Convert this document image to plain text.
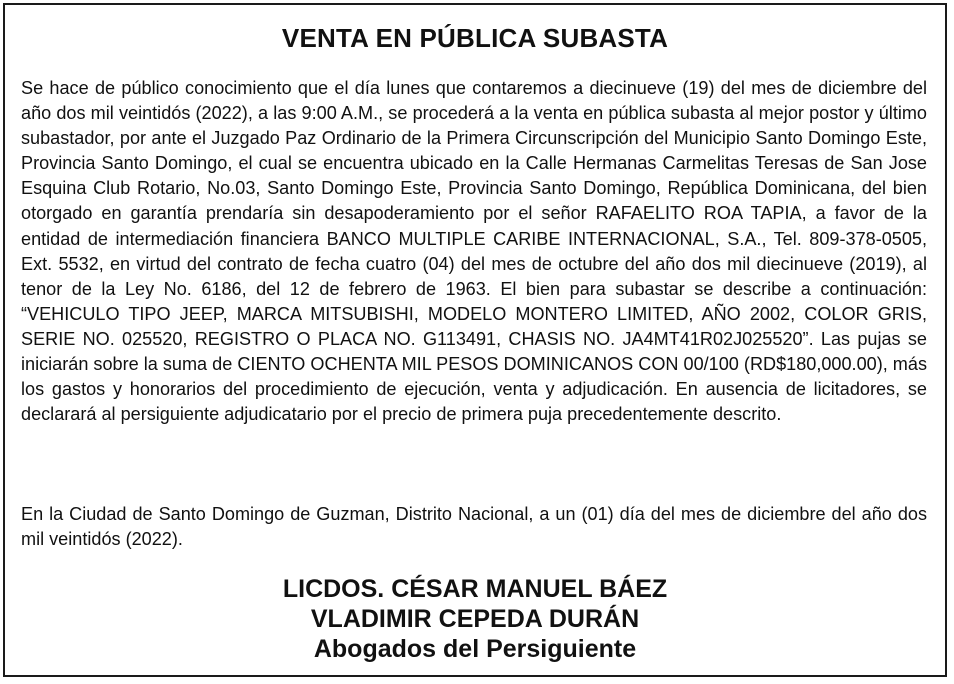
VENTA EN PÚBLICA SUBASTA

Se hace de público conocimiento que el día lunes que contaremos a diecinueve (19) del mes de diciembre del año dos mil veintidós (2022), a las 9:00 A.M., se procederá a la venta en pública subasta al mejor postor y último subastador, por ante el Juzgado Paz Ordinario de la Primera Circunscripción del Municipio Santo Domingo Este, Provincia Santo Domingo, el cual se encuentra ubicado en la Calle Hermanas Carmelitas Teresas de San Jose Esquina Club Rotario, No.03, Santo Domingo Este, Provincia Santo Domingo, República Dominicana, del bien otorgado en garantía prendaría sin desapoderamiento por el señor RAFAELITO ROA TAPIA, a favor de la entidad de intermediación financiera BANCO MULTIPLE CARIBE INTERNACIONAL, S.A., Tel. 809-378-0505, Ext. 5532, en virtud del contrato de fecha cuatro (04) del mes de octubre del año dos mil diecinueve (2019), al tenor de la Ley No. 6186, del 12 de febrero de 1963. El bien para subastar se describe a continuación: “VEHICULO TIPO JEEP, MARCA MITSUBISHI, MODELO MONTERO LIMITED, AÑO 2002, COLOR GRIS, SERIE NO. 025520, REGISTRO O PLACA NO. G113491, CHASIS NO. JA4MT41R02J025520”. Las pujas se iniciarán sobre la suma de CIENTO OCHENTA MIL PESOS DOMINICANOS CON 00/100 (RD$180,000.00), más los gastos y honorarios del procedimiento de ejecución, venta y adjudicación. En ausencia de licitadores, se declarará al persiguiente adjudicatario por el precio de primera puja precedentemente descrito.

En la Ciudad de Santo Domingo de Guzman, Distrito Nacional, a un (01) día del mes de diciembre del año dos mil veintidós (2022).

LICDOS. CÉSAR MANUEL BÁEZ
VLADIMIR CEPEDA DURÁN
Abogados del Persiguiente
